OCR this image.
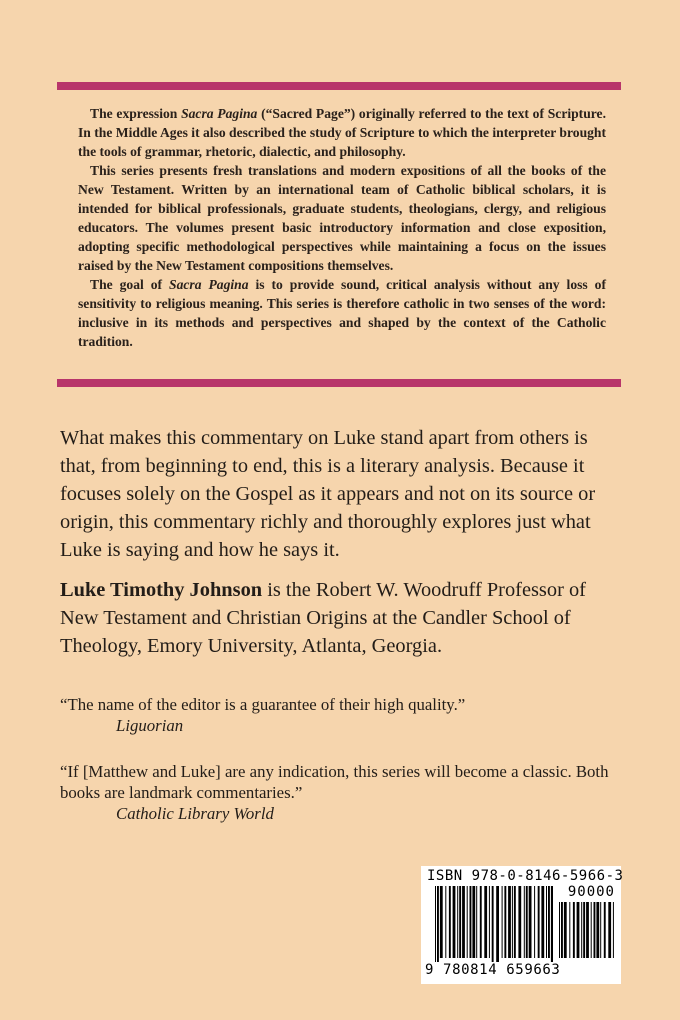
The expression Sacra Pagina (“Sacred Page”) originally referred to the text of Scripture. In the Middle Ages it also described the study of Scripture to which the interpreter brought the tools of grammar, rhetoric, dialectic, and philosophy.

This series presents fresh translations and modern expositions of all the books of the New Testament. Written by an international team of Catholic biblical scholars, it is intended for biblical professionals, graduate students, theologians, clergy, and religious educators. The volumes present basic introductory information and close exposition, adopting specific methodological perspectives while maintaining a focus on the issues raised by the New Testament compositions themselves.

The goal of Sacra Pagina is to provide sound, critical analysis without any loss of sensitivity to religious meaning. This series is therefore catholic in two senses of the word: inclusive in its methods and perspectives and shaped by the context of the Catholic tradition.

What makes this commentary on Luke stand apart from others is that, from beginning to end, this is a literary analysis. Because it focuses solely on the Gospel as it appears and not on its source or origin, this commentary richly and thoroughly explores just what Luke is saying and how he says it.

Luke Timothy Johnson is the Robert W. Woodruff Professor of New Testament and Christian Origins at the Candler School of Theology, Emory University, Atlanta, Georgia.

“The name of the editor is a guarantee of their high quality.”

Liguorian

“If [Matthew and Luke] are any indication, this series will become a classic. Both books are landmark commentaries.”

Catholic Library World

ISBN 978-0-8146-5966-3
90000
9 780814 659663
